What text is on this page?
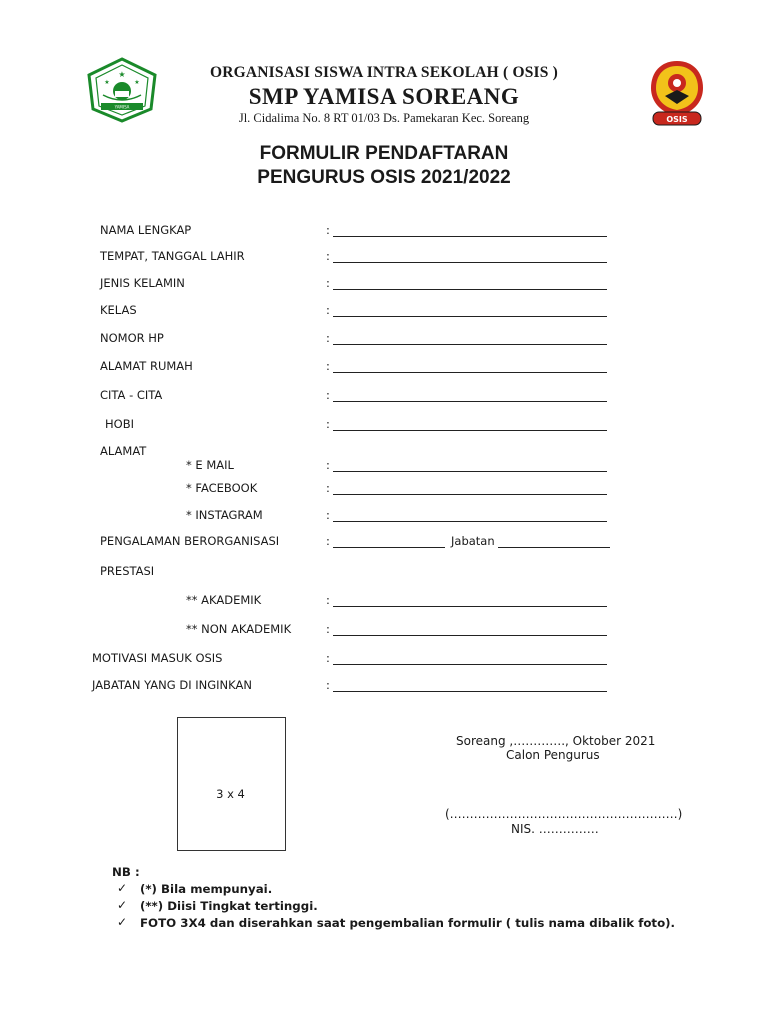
★
★	★
YAMISA
OSIS
ORGANISASI SISWA INTRA SEKOLAH ( OSIS )
SMP YAMISA SOREANG
Jl. Cidalima No. 8 RT 01/03 Ds. Pamekaran Kec. Soreang
FORMULIR PENDAFTARAN
PENGURUS OSIS 2021/2022
NAMA LENGKAP	:
TEMPAT, TANGGAL LAHIR	:
JENIS KELAMIN	:
KELAS	:
NOMOR HP	:
ALAMAT RUMAH	:
CITA - CITA	:
HOBI	:
ALAMAT
* E MAIL	:
* FACEBOOK	:
* INSTAGRAM	:
PENGALAMAN BERORGANISASI	:	Jabatan
PRESTASI
** AKADEMIK	:
** NON AKADEMIK	:
MOTIVASI MASUK OSIS	:
JABATAN YANG DI INGINKAN	:
3 x 4
Soreang ,…………., Oktober 2021
Calon Pengurus
(…………………………………………………)
NIS. ……………
NB :
✓ (*) Bila mempunyai.
✓ (**) Diisi Tingkat tertinggi.
✓ FOTO 3X4 dan diserahkan saat pengembalian formulir ( tulis nama dibalik foto).
